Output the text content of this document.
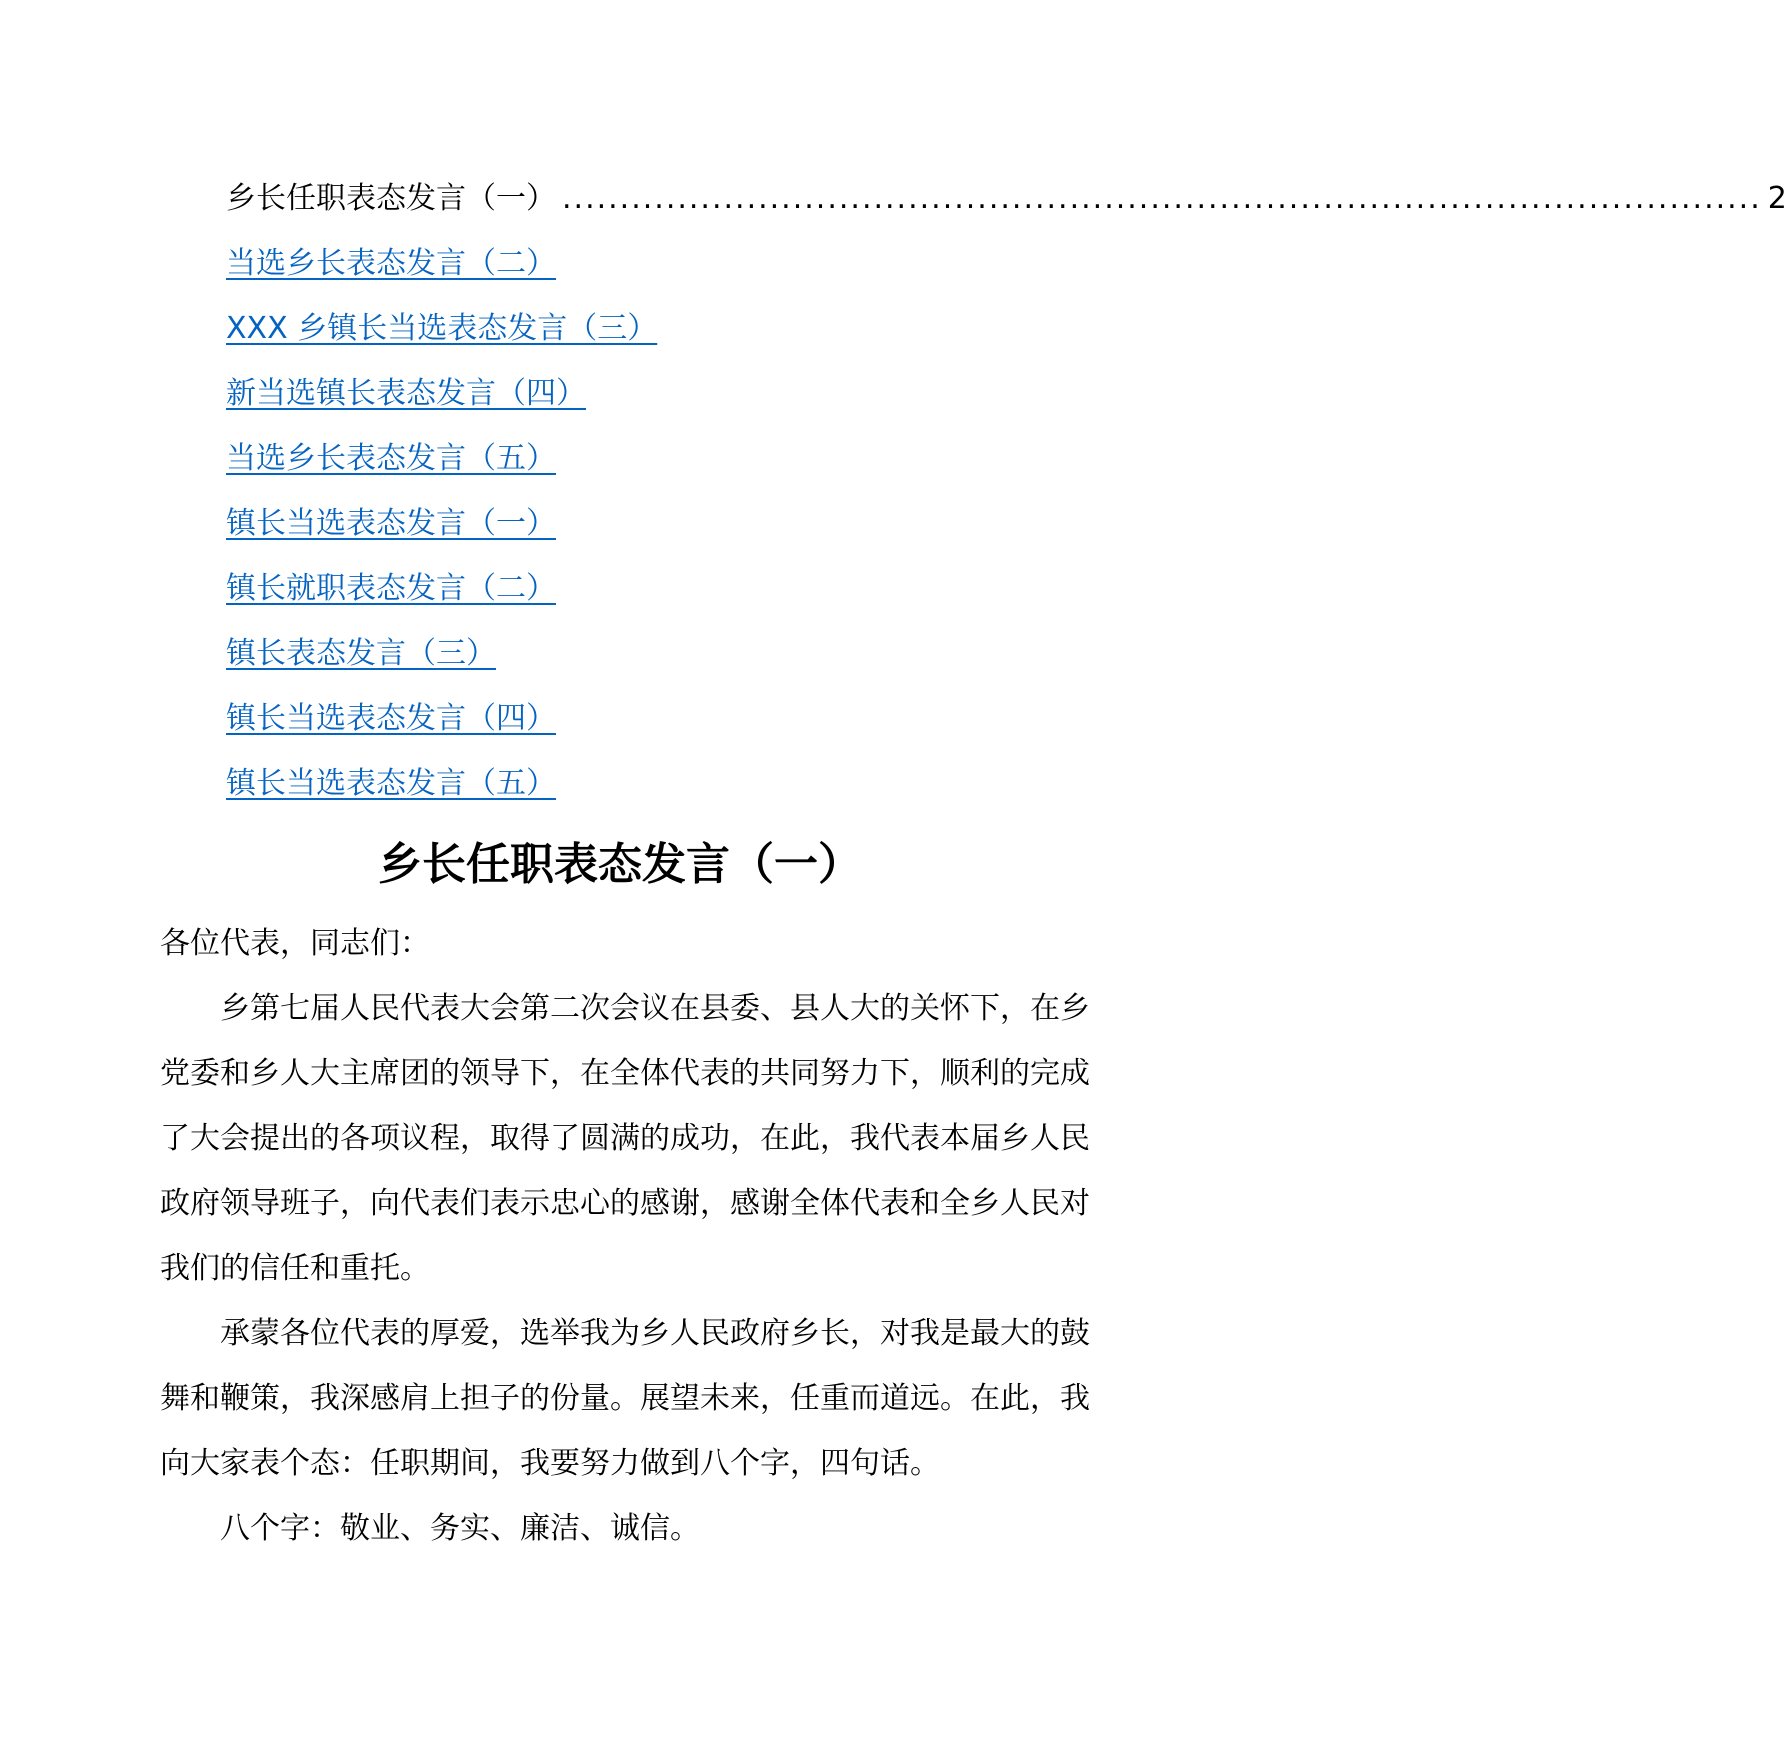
乡长任职表态发言（一） ........................................................................................................ 2
当选乡长表态发言（二）
XXX 乡镇长当选表态发言（三）
新当选镇长表态发言（四）
当选乡长表态发言（五）
镇长当选表态发言（一）
镇长就职表态发言（二）
镇长表态发言（三）
镇长当选表态发言（四）
镇长当选表态发言（五）
乡长任职表态发言（一）

各位代表，同志们：

乡第七届人民代表大会第二次会议在县委、县人大的关怀下，在乡党委和乡人大主席团的领导下，在全体代表的共同努力下，顺利的完成了大会提出的各项议程，取得了圆满的成功，在此，我代表本届乡人民政府领导班子，向代表们表示忠心的感谢，感谢全体代表和全乡人民对我们的信任和重托。

承蒙各位代表的厚爱，选举我为乡人民政府乡长，对我是最大的鼓舞和鞭策，我深感肩上担子的份量。展望未来，任重而道远。在此，我向大家表个态：任职期间，我要努力做到八个字，四句话。

八个字：敬业、务实、廉洁、诚信。
